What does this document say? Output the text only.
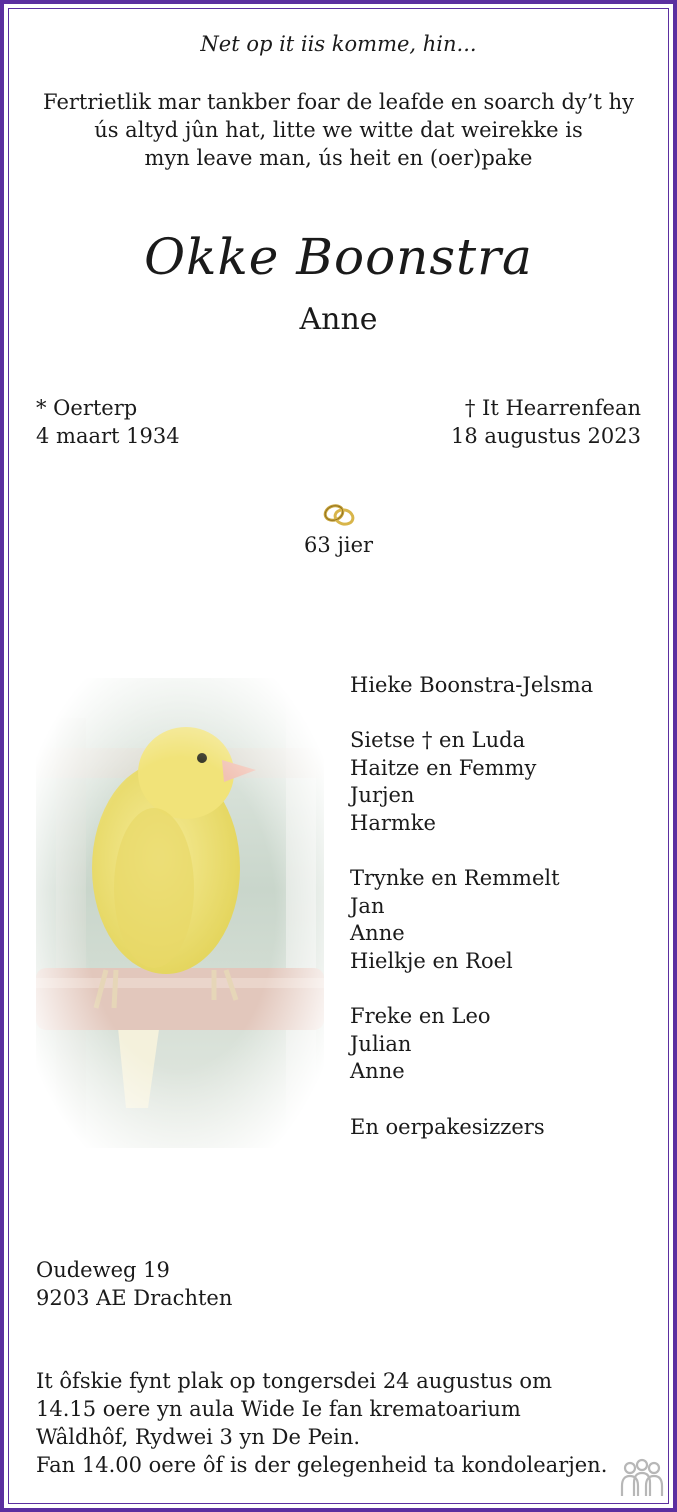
Net op it iis komme, hin...

Fertrietlik mar tankber foar de leafde en soarch dy’t hy
ús altyd jûn hat, litte we witte dat weirekke is
myn leave man, ús heit en (oer)pake

Okke Boonstra

Anne

* Oerterp
4 maart 1934
† It Hearrenfean
18 augustus 2023

63 jier

Hieke Boonstra-Jelsma
Sietse † en Luda
Haitze en Femmy
Jurjen
Harmke
Trynke en Remmelt
Jan
Anne
Hielkje en Roel
Freke en Leo
Julian
Anne
En oerpakesizzers
Oudeweg 19
9203 AE Drachten
It ôfskie fynt plak op tongersdei 24 augustus om
14.15 oere yn aula Wide Ie fan krematoarium
Wâldhôf, Rydwei 3 yn De Pein.
Fan 14.00 oere ôf is der gelegenheid ta kondolearjen.
